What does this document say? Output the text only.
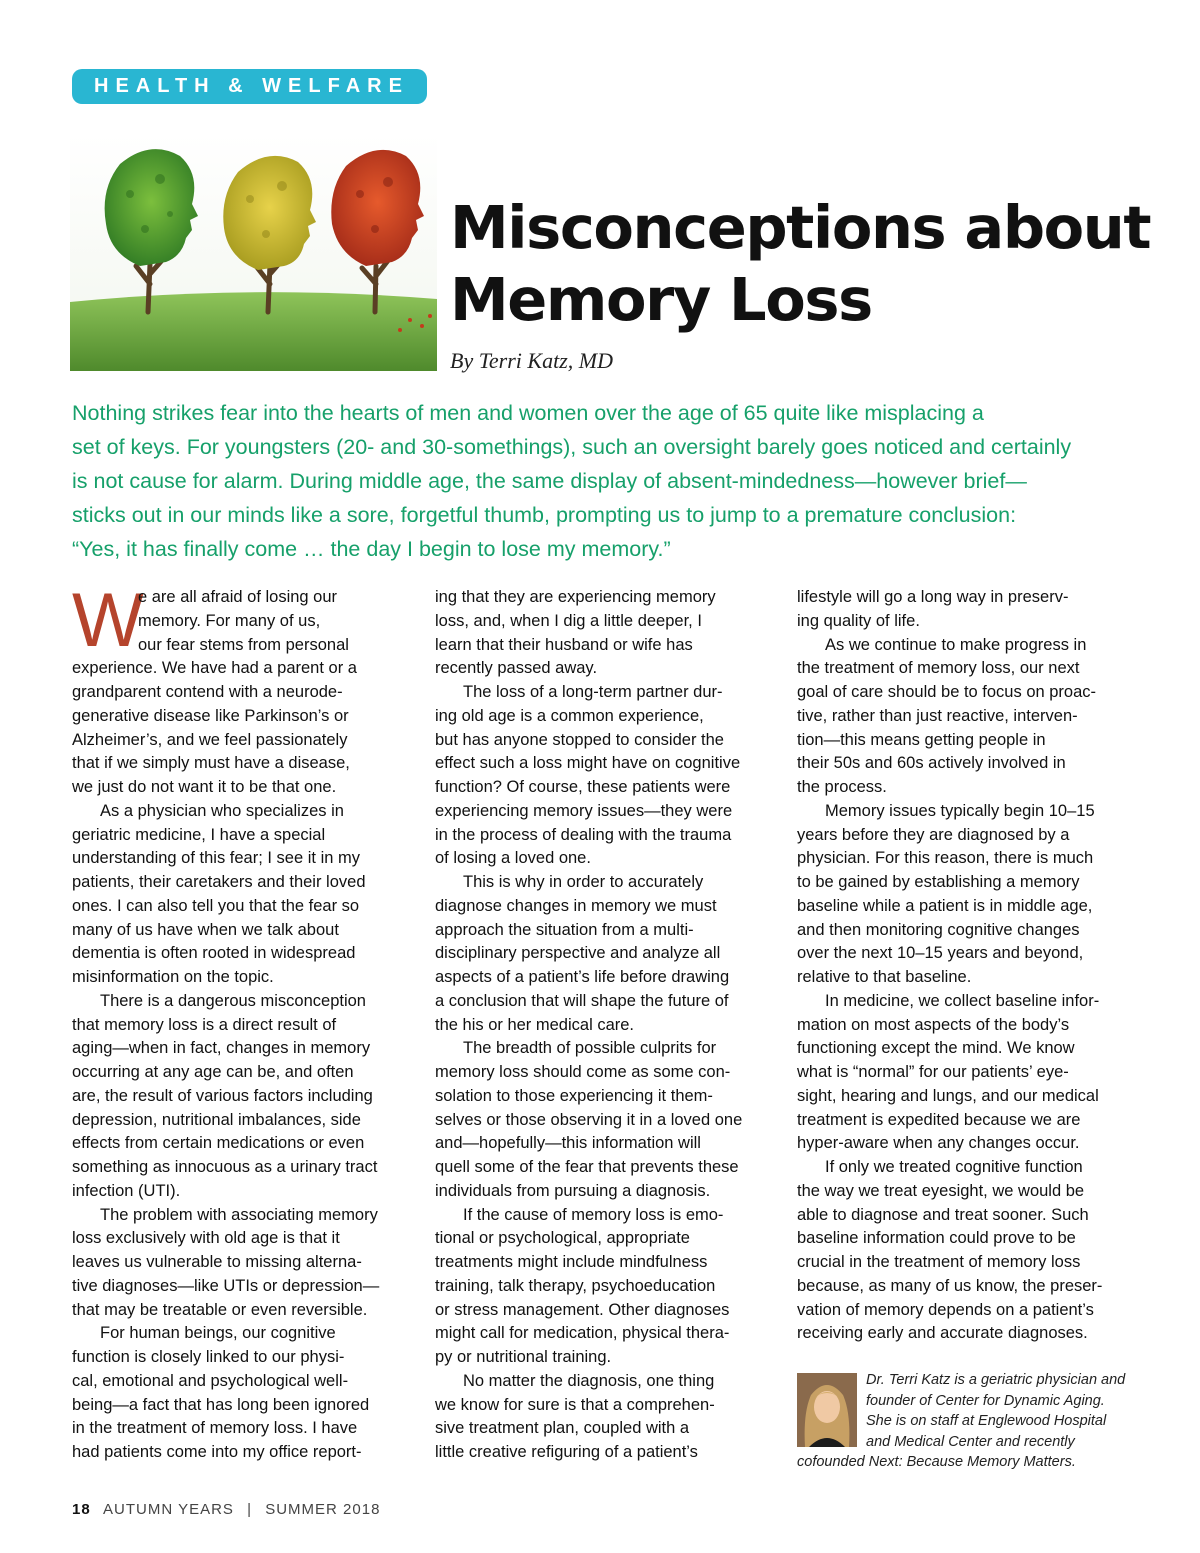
HEALTH & WELFARE
Misconceptions about
Memory Loss
By Terri Katz, MD
Nothing strikes fear into the hearts of men and women over the age of 65 quite like misplacing a
set of keys. For youngsters (20- and 30-somethings), such an oversight barely goes noticed and certainly
is not cause for alarm. During middle age, the same display of absent-mindedness—however brief—
sticks out in our minds like a sore, forgetful thumb, prompting us to jump to a premature conclusion:
“Yes, it has finally come … the day I begin to lose my memory.”
W
e are all afraid of losing our
memory. For many of us,
our fear stems from personal
experience. We have had a parent or a
grandparent contend with a neurode-
generative disease like Parkinson’s or
Alzheimer’s, and we feel passionately
that if we simply must have a disease,
we just do not want it to be that one.
As a physician who specializes in
geriatric medicine, I have a special
understanding of this fear; I see it in my
patients, their caretakers and their loved
ones. I can also tell you that the fear so
many of us have when we talk about
dementia is often rooted in widespread
misinformation on the topic.
There is a dangerous misconception
that memory loss is a direct result of
aging—when in fact, changes in memory
occurring at any age can be, and often
are, the result of various factors including
depression, nutritional imbalances, side
effects from certain medications or even
something as innocuous as a urinary tract
infection (UTI).
The problem with associating memory
loss exclusively with old age is that it
leaves us vulnerable to missing alterna-
tive diagnoses—like UTIs or depression—
that may be treatable or even reversible.
For human beings, our cognitive
function is closely linked to our physi-
cal, emotional and psychological well-
being—a fact that has long been ignored
in the treatment of memory loss. I have
had patients come into my office report-
ing that they are experiencing memory
loss, and, when I dig a little deeper, I
learn that their husband or wife has
recently passed away.
The loss of a long-term partner dur-
ing old age is a common experience,
but has anyone stopped to consider the
effect such a loss might have on cognitive
function? Of course, these patients were
experiencing memory issues—they were
in the process of dealing with the trauma
of losing a loved one.
This is why in order to accurately
diagnose changes in memory we must
approach the situation from a multi-
disciplinary perspective and analyze all
aspects of a patient’s life before drawing
a conclusion that will shape the future of
the his or her medical care.
The breadth of possible culprits for
memory loss should come as some con-
solation to those experiencing it them-
selves or those observing it in a loved one
and—hopefully—this information will
quell some of the fear that prevents these
individuals from pursuing a diagnosis.
If the cause of memory loss is emo-
tional or psychological, appropriate
treatments might include mindfulness
training, talk therapy, psychoeducation
or stress management. Other diagnoses
might call for medication, physical thera-
py or nutritional training.
No matter the diagnosis, one thing
we know for sure is that a comprehen-
sive treatment plan, coupled with a
little creative refiguring of a patient’s
lifestyle will go a long way in preserv-
ing quality of life.
As we continue to make progress in
the treatment of memory loss, our next
goal of care should be to focus on proac-
tive, rather than just reactive, interven-
tion—this means getting people in
their 50s and 60s actively involved in
the process.
Memory issues typically begin 10–15
years before they are diagnosed by a
physician. For this reason, there is much
to be gained by establishing a memory
baseline while a patient is in middle age,
and then monitoring cognitive changes
over the next 10–15 years and beyond,
relative to that baseline.
In medicine, we collect baseline infor-
mation on most aspects of the body’s
functioning except the mind. We know
what is “normal” for our patients’ eye-
sight, hearing and lungs, and our medical
treatment is expedited because we are
hyper-aware when any changes occur.
If only we treated cognitive function
the way we treat eyesight, we would be
able to diagnose and treat sooner. Such
baseline information could prove to be
crucial in the treatment of memory loss
because, as many of us know, the preser-
vation of memory depends on a patient’s
receiving early and accurate diagnoses.
Dr. Terri Katz is a geriatric physician and
founder of Center for Dynamic Aging.
She is on staff at Englewood Hospital
and Medical Center and recently
cofounded Next: Because Memory Matters.
18 AUTUMN YEARS | SUMMER 2018
